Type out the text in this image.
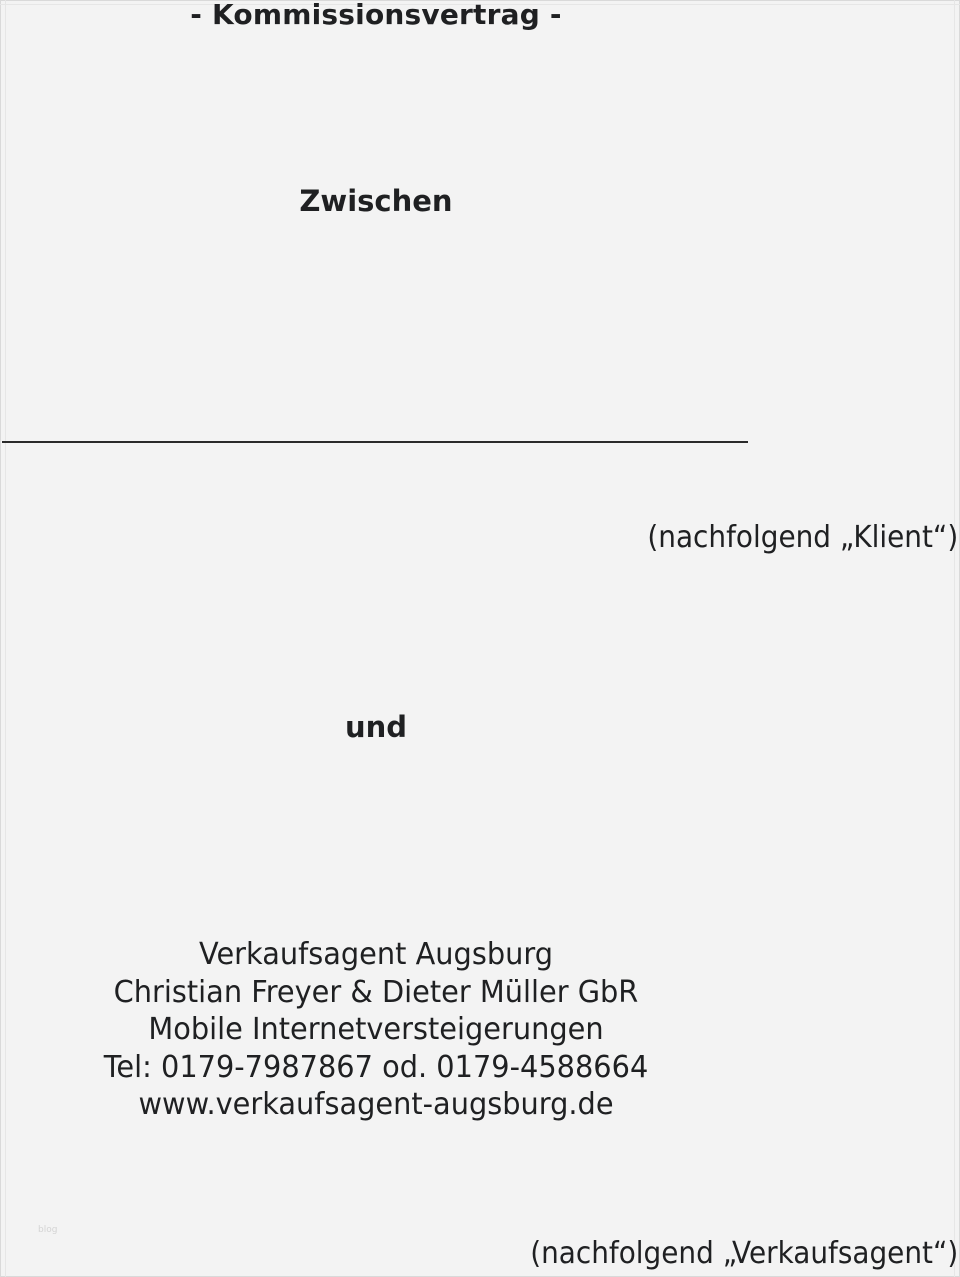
- Kommissionsvertrag -
Zwischen
(nachfolgend „Klient“)
und
Verkaufsagent Augsburg
Christian Freyer & Dieter Müller GbR
Mobile Internetversteigerungen
Tel: 0179-7987867 od. 0179-4588664
www.verkaufsagent-augsburg.de
blog
(nachfolgend „Verkaufsagent“)
